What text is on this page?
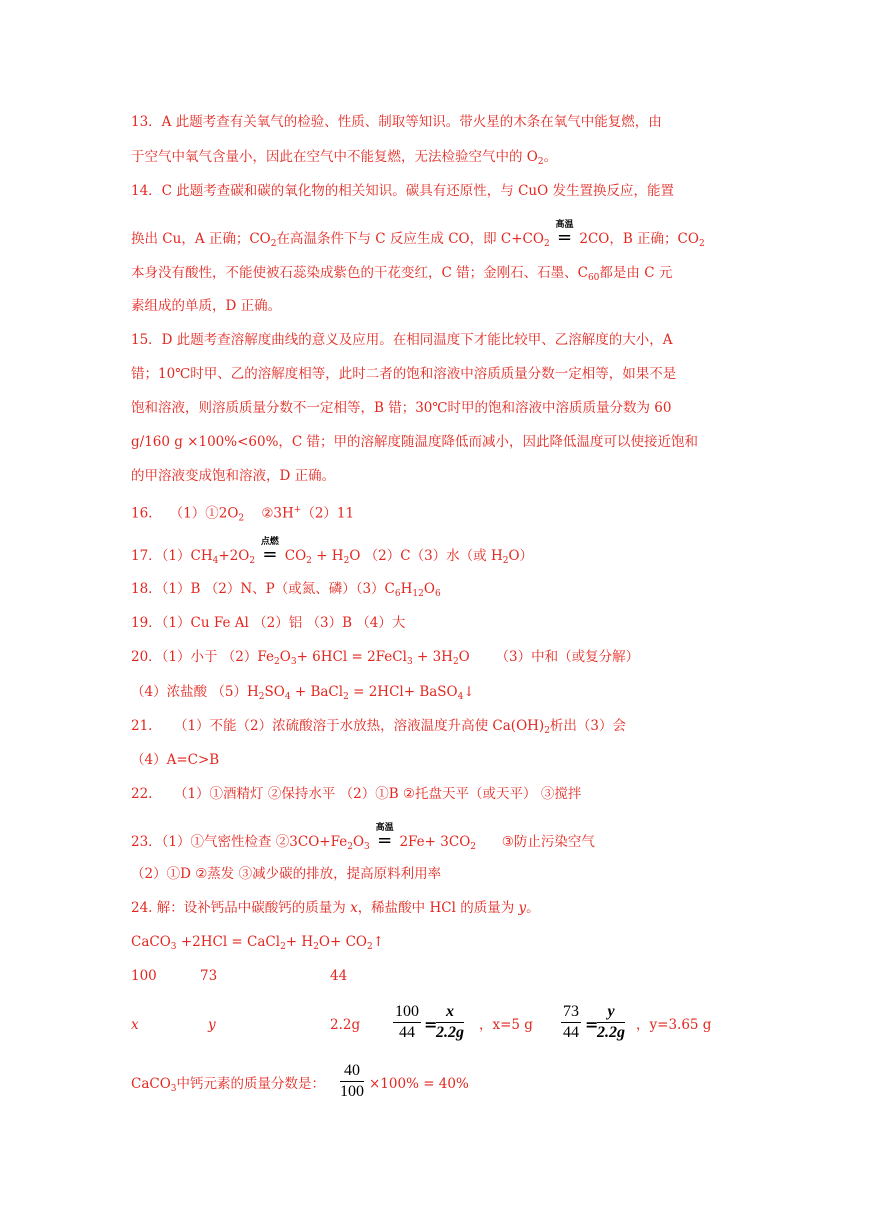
13．A 此题考查有关氧气的检验、性质、制取等知识。带火星的木条在氧气中能复燃，由
于空气中氧气含量小，因此在空气中不能复燃，无法检验空气中的 $O_2$。
14．C 此题考查碳和碳的氧化物的相关知识。碳具有还原性，与 CuO 发生置换反应，能置
换出 Cu，A 正确；$CO_2$在高温条件下与 C 反应生成 CO，即 $C+CO_2$
高温
= 2CO，B 正确；$CO_2$
本身没有酸性，不能使被石蕊染成紫色的干花变红，C 错；金刚石、石墨、$C_{60}$都是由 C 元
素组成的单质，D 正确。
15．D 此题考查溶解度曲线的意义及应用。在相同温度下才能比较甲、乙溶解度的大小，A
错；10℃时甲、乙的溶解度相等，此时二者的饱和溶液中溶质质量分数一定相等，如果不是
饱和溶液，则溶质质量分数不一定相等，B 错；30℃时甲的饱和溶液中溶质质量分数为 60
g/160 g ×100%<60%，C 错；甲的溶解度随温度降低而减小，因此降低温度可以使接近饱和
的甲溶液变成饱和溶液，D 正确。
16. $(1)①2O_2$ ②3H+（2）11
17．$(1)CH_4+2O_2$
点燃
= $CO_2 + H_2O$ （2）C（3）水（或 $H_2O$）
18．（1）B （2）N、P（或氮、磷）$(3)C_6H_{12}O_6$
19．（1）Cu Fe Al （2）铝 （3）B （4）大
20．（1）小于 $(2)Fe_2O_3+ 6HCl$ = 2FeCl$_3$ + $3H_2O$ （3）中和（或复分解）
（4）浓盐酸 $(5)H_2SO_4$ + BaCl$_2$ = 2HCl+ BaSO$_4$↓
21. （1）不能（2）浓硫酸溶于水放热，溶液温度升高使 $Ca(OH)_2$析出（3）会
（4）A=C>B
22. （1）①酒精灯 ②保持水平 （2）①B ②托盘天平（或天平） ③搅拌
23．（1）①气密性检查 $②3CO+Fe_2O_3$
高温
= $2Fe+ 3CO_2$ ③防止污染空气
（2）①D ②蒸发 ③减少碳的排放，提高原料利用率
24. 解：设补钙品中碳酸钙的质量为 x，稀盐酸中 HCl 的质量为 y。
CaCO$_3$ +2HCl = CaCl$_2$+ $H_2O+$ $CO_2↑$
100	73	44
x	y	$2.2g \frac{100}{44}$ =
$\frac{x}{2.2g}$ ，x=5 g $\frac{73}{44}$ =
$\frac{y}{2.2g}$ ，y=3.65 g
CaCO$_3$中钙元素的质量分数是： $\frac{40}{100} \times 100\% = 40\%$
